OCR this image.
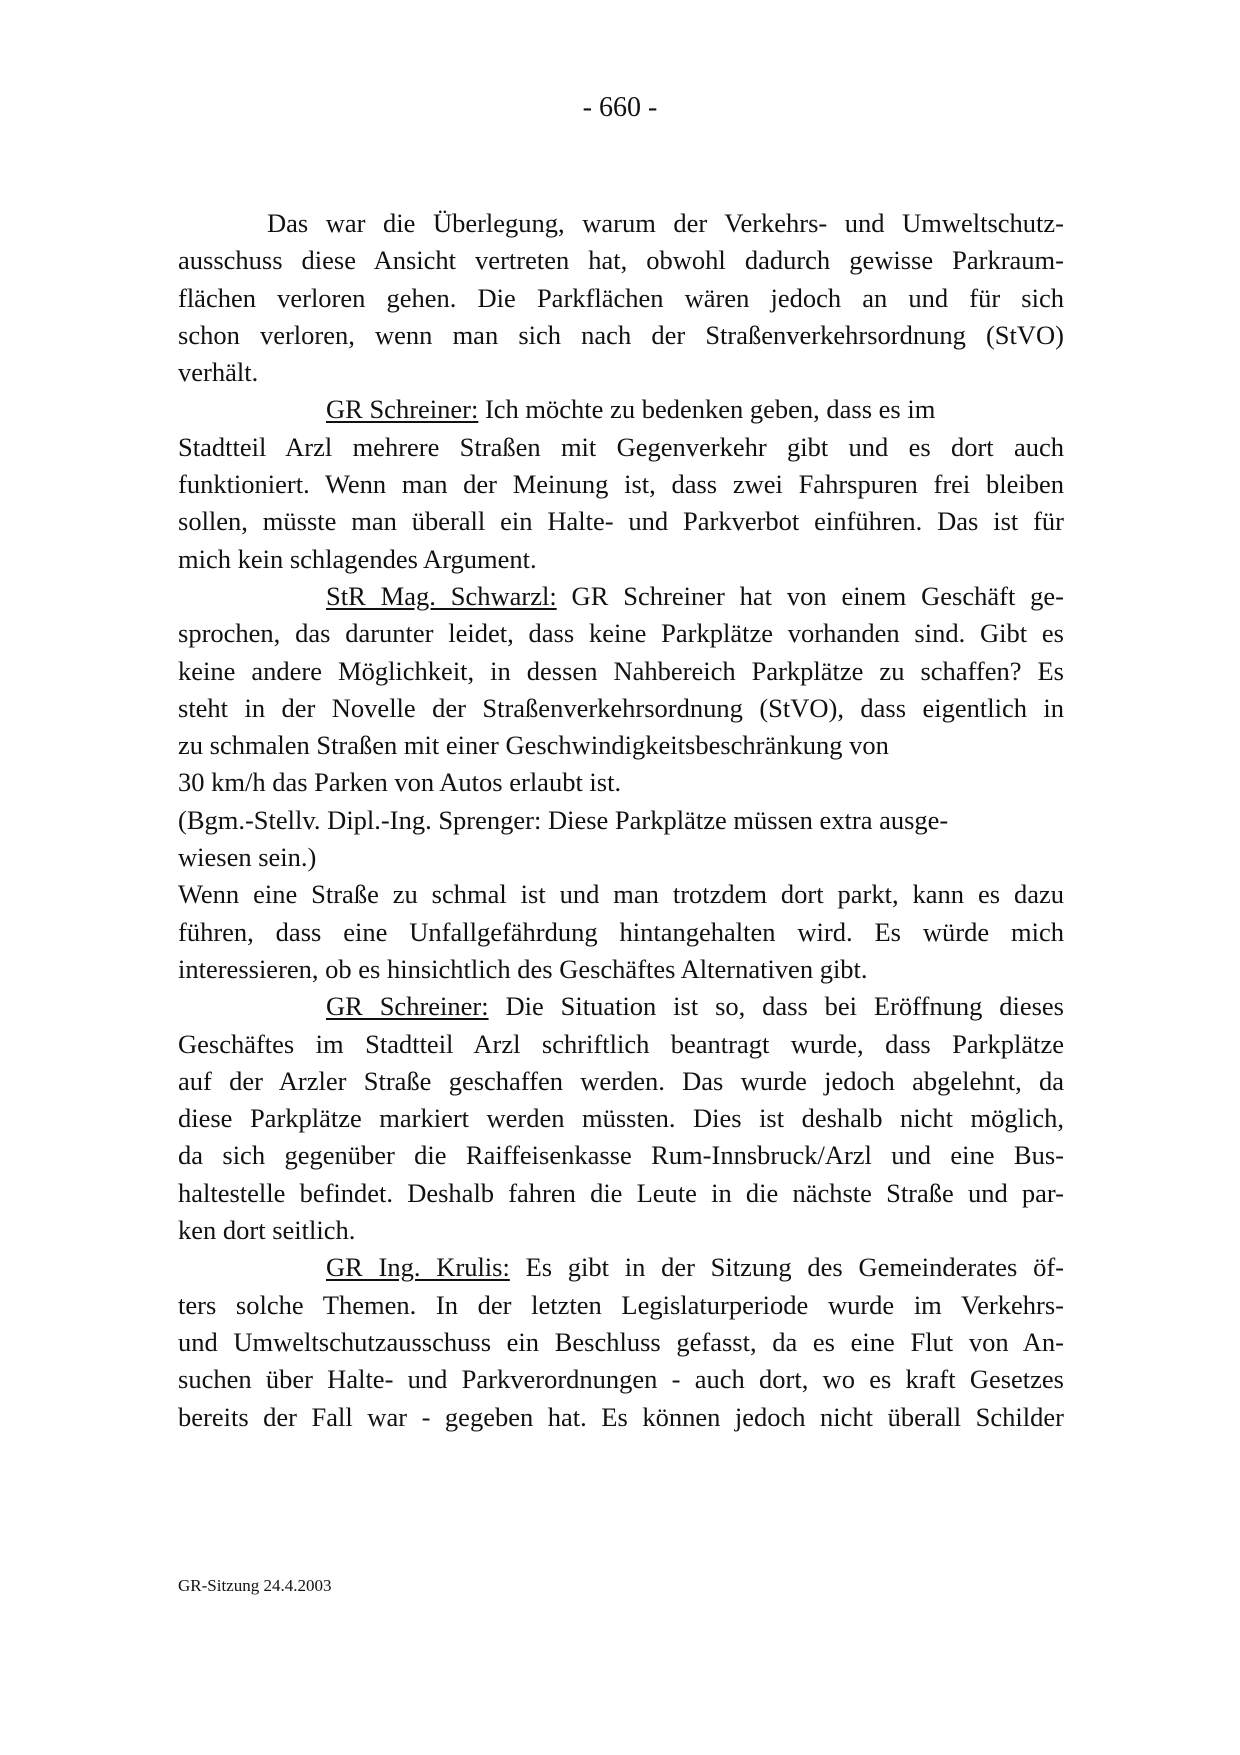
- 660 -
Das war die Überlegung, warum der Verkehrs- und Umweltschutz-
ausschuss diese Ansicht vertreten hat, obwohl dadurch gewisse Parkraum-
flächen verloren gehen. Die Parkflächen wären jedoch an und für sich
schon verloren, wenn man sich nach der Straßenverkehrsordnung (StVO)
verhält.
GR Schreiner: Ich möchte zu bedenken geben, dass es im
Stadtteil Arzl mehrere Straßen mit Gegenverkehr gibt und es dort auch
funktioniert. Wenn man der Meinung ist, dass zwei Fahrspuren frei bleiben
sollen, müsste man überall ein Halte- und Parkverbot einführen. Das ist für
mich kein schlagendes Argument.
StR Mag. Schwarzl: GR Schreiner hat von einem Geschäft ge-
sprochen, das darunter leidet, dass keine Parkplätze vorhanden sind. Gibt es
keine andere Möglichkeit, in dessen Nahbereich Parkplätze zu schaffen? Es
steht in der Novelle der Straßenverkehrsordnung (StVO), dass eigentlich in
zu schmalen Straßen mit einer Geschwindigkeitsbeschränkung von
30 km/h das Parken von Autos erlaubt ist.
(Bgm.-Stellv. Dipl.-Ing. Sprenger: Diese Parkplätze müssen extra ausge-
wiesen sein.)
Wenn eine Straße zu schmal ist und man trotzdem dort parkt, kann es dazu
führen, dass eine Unfallgefährdung hintangehalten wird. Es würde mich
interessieren, ob es hinsichtlich des Geschäftes Alternativen gibt.
GR Schreiner: Die Situation ist so, dass bei Eröffnung dieses
Geschäftes im Stadtteil Arzl schriftlich beantragt wurde, dass Parkplätze
auf der Arzler Straße geschaffen werden. Das wurde jedoch abgelehnt, da
diese Parkplätze markiert werden müssten. Dies ist deshalb nicht möglich,
da sich gegenüber die Raiffeisenkasse Rum-Innsbruck/Arzl und eine Bus-
haltestelle befindet. Deshalb fahren die Leute in die nächste Straße und par-
ken dort seitlich.
GR Ing. Krulis: Es gibt in der Sitzung des Gemeinderates öf-
ters solche Themen. In der letzten Legislaturperiode wurde im Verkehrs-
und Umweltschutzausschuss ein Beschluss gefasst, da es eine Flut von An-
suchen über Halte- und Parkverordnungen - auch dort, wo es kraft Gesetzes
bereits der Fall war - gegeben hat. Es können jedoch nicht überall Schilder
GR-Sitzung 24.4.2003
